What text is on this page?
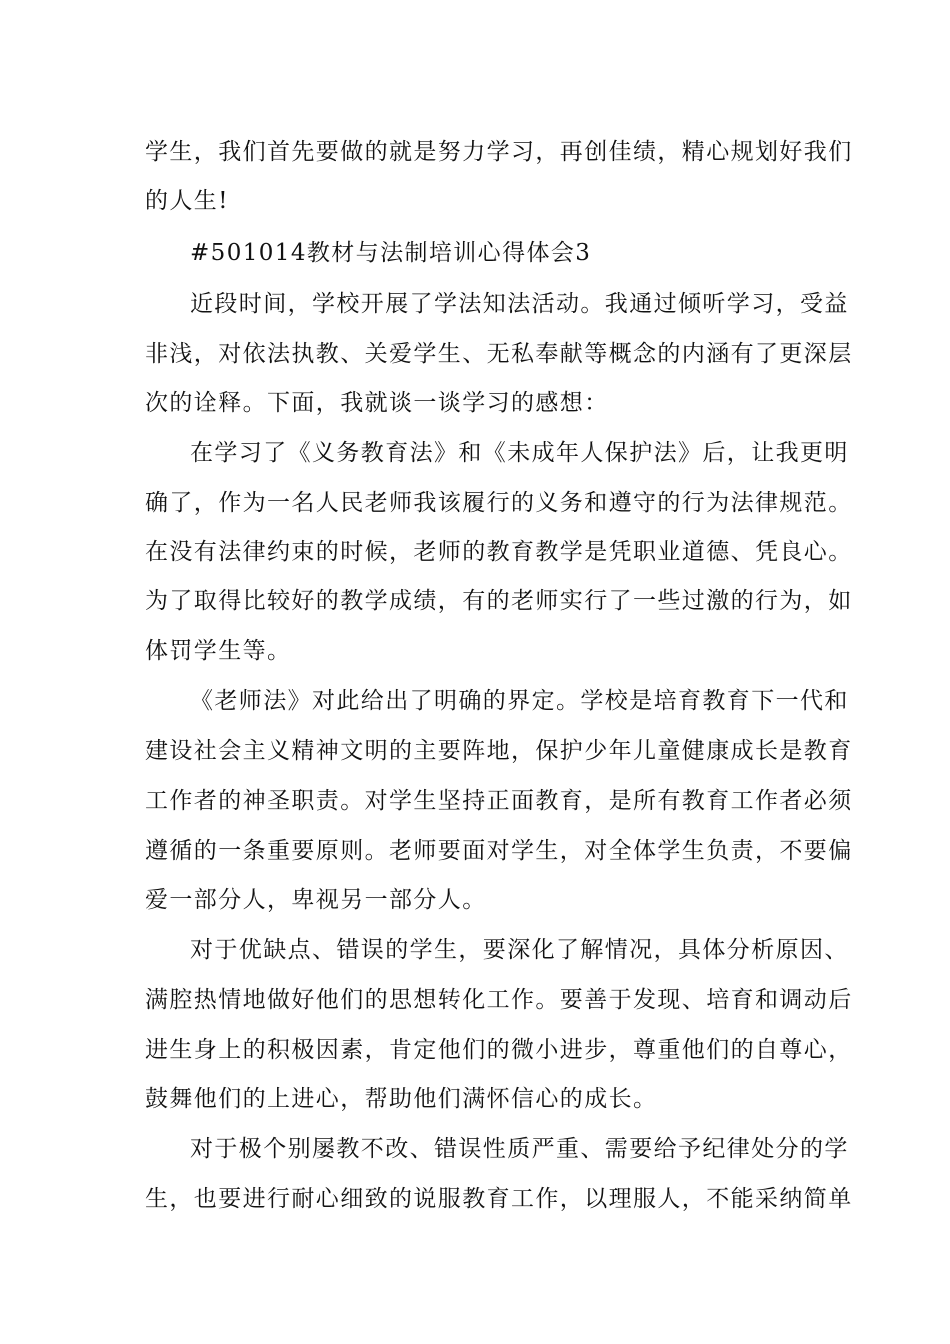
学生，我们首先要做的就是努力学习，再创佳绩，精心规划好我们
的人生!
#501014教材与法制培训心得体会3
近段时间，学校开展了学法知法活动。我通过倾听学习，受益
非浅，对依法执教、关爱学生、无私奉献等概念的内涵有了更深层
次的诠释。下面，我就谈一谈学习的感想：
在学习了《义务教育法》和《未成年人保护法》后，让我更明
确了，作为一名人民老师我该履行的义务和遵守的行为法律规范。
在没有法律约束的时候，老师的教育教学是凭职业道德、凭良心。
为了取得比较好的教学成绩，有的老师实行了一些过激的行为，如
体罚学生等。
《老师法》对此给出了明确的界定。学校是培育教育下一代和
建设社会主义精神文明的主要阵地，保护少年儿童健康成长是教育
工作者的神圣职责。对学生坚持正面教育，是所有教育工作者必须
遵循的一条重要原则。老师要面对学生，对全体学生负责，不要偏
爱一部分人，卑视另一部分人。
对于优缺点、错误的学生，要深化了解情况，具体分析原因、
满腔热情地做好他们的思想转化工作。要善于发现、培育和调动后
进生身上的积极因素，肯定他们的微小进步，尊重他们的自尊心，
鼓舞他们的上进心，帮助他们满怀信心的成长。
对于极个别屡教不改、错误性质严重、需要给予纪律处分的学
生，也要进行耐心细致的说服教育工作，以理服人，不能采纳简单
